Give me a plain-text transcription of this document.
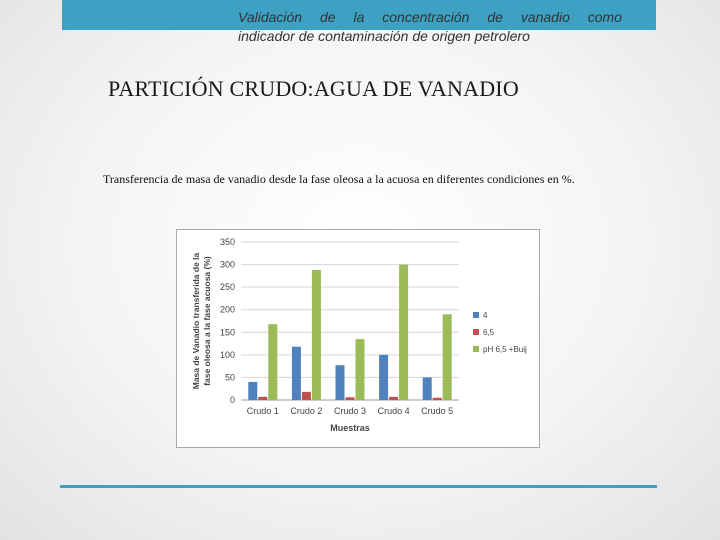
Validación de la concentración de vanadio como
indicador de contaminación de origen petrolero
PARTICIÓN CRUDO:AGUA DE VANADIO
Transferencia de masa de vanadio desde la fase oleosa a la acuosa en diferentes condiciones en %.
0
50
100
150
200
250
300
350
Crudo 1 Crudo 2 Crudo 3 Crudo 4 Crudo 5
Muestras
Masa de Vanadio transferida de lafase oleosa a la fase acuosa (%)	4
6,5
pH 6,5 +Buij
